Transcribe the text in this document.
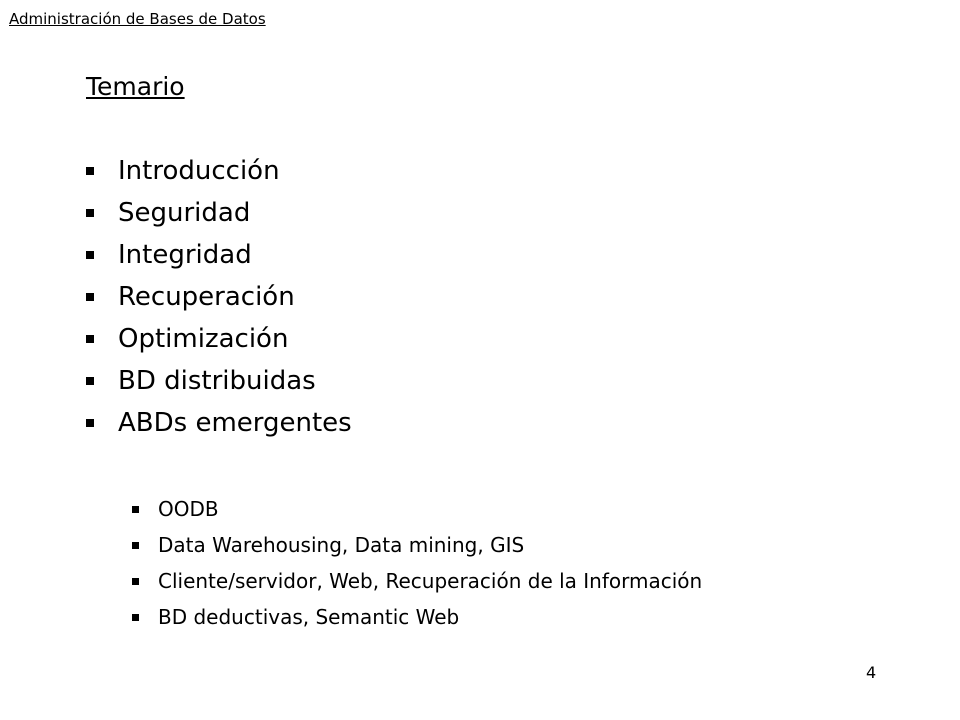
Administración de Bases de Datos
Temario
Introducción
Seguridad
Integridad
Recuperación
Optimización
BD distribuidas
ABDs emergentes
OODB
Data Warehousing, Data mining, GIS
Cliente/servidor, Web, Recuperación de la Información
BD deductivas, Semantic Web
4
